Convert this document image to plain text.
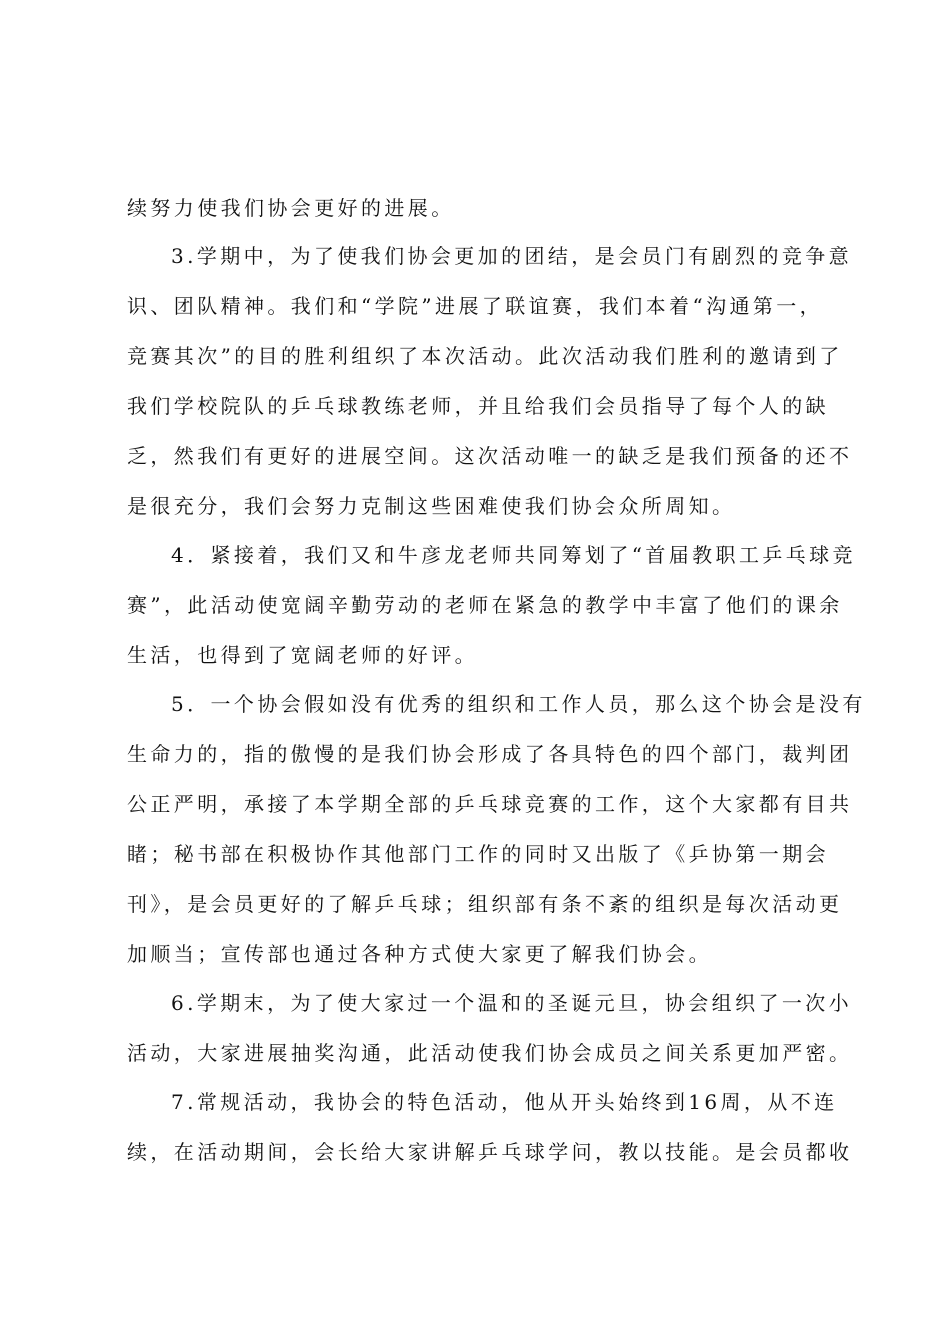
续努力使我们协会更好的进展。
3.学期中，为了使我们协会更加的团结，是会员门有剧烈的竞争意
识、团队精神。我们和“学院”进展了联谊赛，我们本着“沟通第一，
竞赛其次”的目的胜利组织了本次活动。此次活动我们胜利的邀请到了
我们学校院队的乒乓球教练老师，并且给我们会员指导了每个人的缺
乏，然我们有更好的进展空间。这次活动唯一的缺乏是我们预备的还不
是很充分，我们会努力克制这些困难使我们协会众所周知。
4．紧接着，我们又和牛彦龙老师共同筹划了“首届教职工乒乓球竞
赛”，此活动使宽阔辛勤劳动的老师在紧急的教学中丰富了他们的课余
生活，也得到了宽阔老师的好评。
5．一个协会假如没有优秀的组织和工作人员，那么这个协会是没有
生命力的，指的傲慢的是我们协会形成了各具特色的四个部门，裁判团
公正严明，承接了本学期全部的乒乓球竞赛的工作，这个大家都有目共
睹；秘书部在积极协作其他部门工作的同时又出版了《乒协第一期会
刊》，是会员更好的了解乒乓球；组织部有条不紊的组织是每次活动更
加顺当；宣传部也通过各种方式使大家更了解我们协会。
6.学期末，为了使大家过一个温和的圣诞元旦，协会组织了一次小
活动，大家进展抽奖沟通，此活动使我们协会成员之间关系更加严密。
7.常规活动，我协会的特色活动，他从开头始终到16周，从不连
续，在活动期间，会长给大家讲解乒乓球学问，教以技能。是会员都收
